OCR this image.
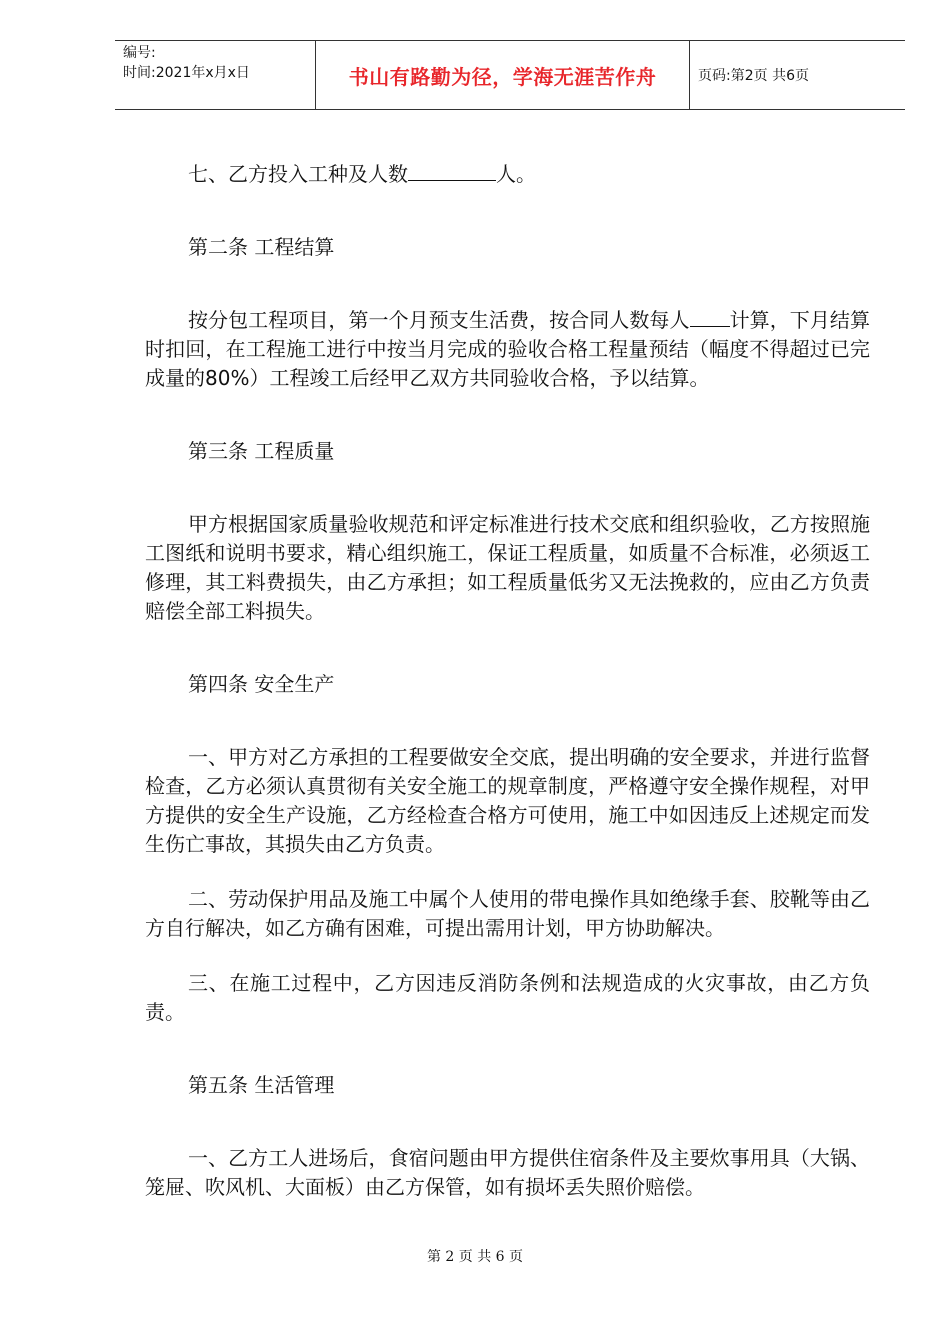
编号:
时间:2021年x月x日	书山有路勤为径，学海无涯苦作舟	页码:第2页 共6页

七、乙方投入工种及人数	人。

第二条 工程结算

按分包工程项目，第一个月预支生活费，按合同人数每人 计算，下月结算时扣回，在工程施工进行中按当月完成的验收合格工程量预结（幅度不得超过已完成量的80%）工程竣工后经甲乙双方共同验收合格，予以结算。

第三条 工程质量

甲方根据国家质量验收规范和评定标准进行技术交底和组织验收，乙方按照施工图纸和说明书要求，精心组织施工，保证工程质量，如质量不合标准，必须返工修理，其工料费损失，由乙方承担；如工程质量低劣又无法挽救的，应由乙方负责赔偿全部工料损失。

第四条 安全生产

一、甲方对乙方承担的工程要做安全交底，提出明确的安全要求，并进行监督检查，乙方必须认真贯彻有关安全施工的规章制度，严格遵守安全操作规程，对甲方提供的安全生产设施，乙方经检查合格方可使用，施工中如因违反上述规定而发生伤亡事故，其损失由乙方负责。

二、劳动保护用品及施工中属个人使用的带电操作具如绝缘手套、胶靴等由乙方自行解决，如乙方确有困难，可提出需用计划，甲方协助解决。

三、在施工过程中，乙方因违反消防条例和法规造成的火灾事故，由乙方负责。

第五条 生活管理

一、乙方工人进场后，食宿问题由甲方提供住宿条件及主要炊事用具（大锅、笼屉、吹风机、大面板）由乙方保管，如有损坏丢失照价赔偿。

第 2 页 共 6 页
